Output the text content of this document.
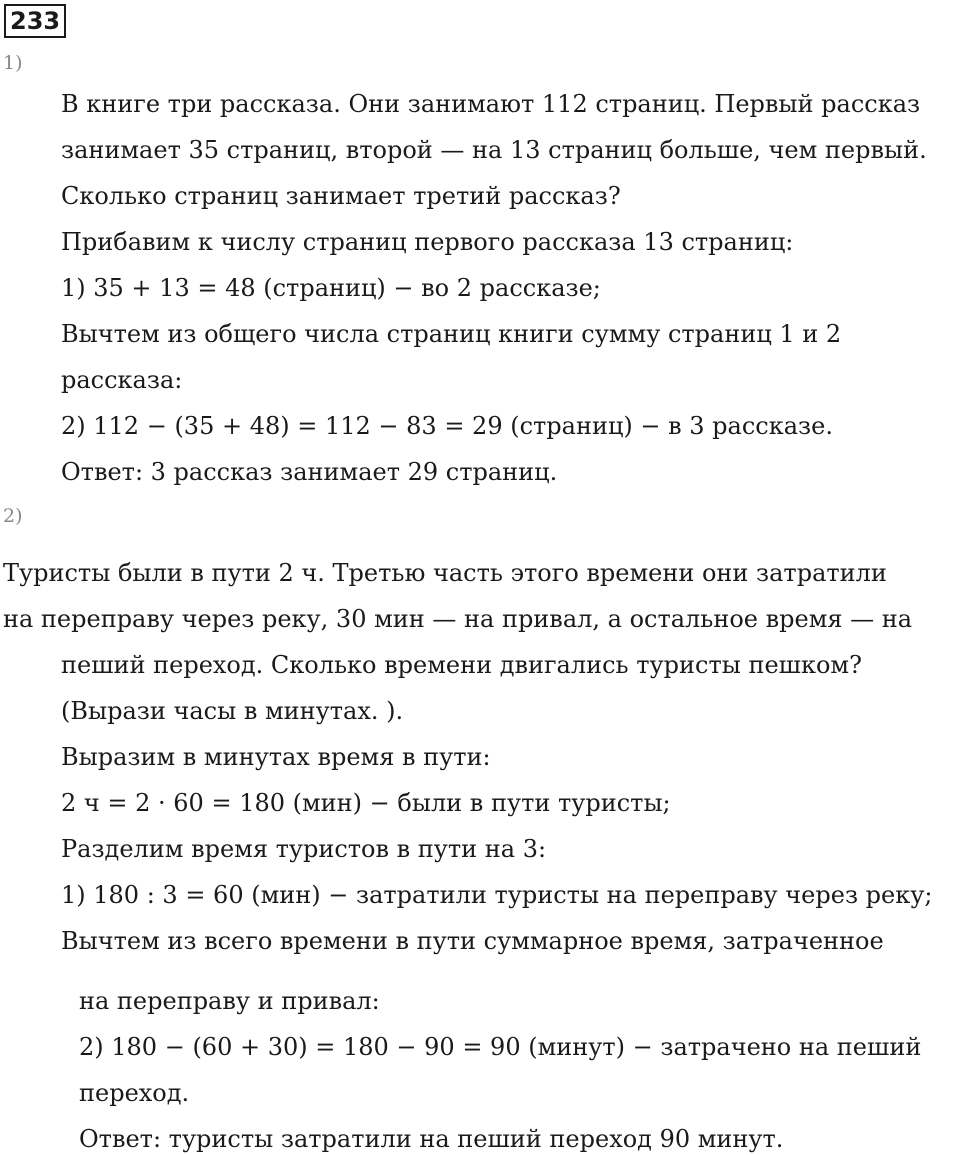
233
1)
В книге три рассказа. Они занимают 112 страниц. Первый рассказ
занимает 35 страниц, второй — на 13 страниц больше, чем первый.
Сколько страниц занимает третий рассказ?
Прибавим к числу страниц первого рассказа 13 страниц:
1) 35 + 13 = 48 (страниц) − во 2 рассказе;
Вычтем из общего числа страниц книги сумму страниц 1 и 2
рассказа:
2) 112 − (35 + 48) = 112 − 83 = 29 (страниц) − в 3 рассказе.
Ответ: 3 рассказ занимает 29 страниц.
2)
Туристы были в пути 2 ч. Третью часть этого времени они затратили
на переправу через реку, 30 мин — на привал, а остальное время — на
пеший переход. Сколько времени двигались туристы пешком?
(Вырази часы в минутах. ).
Выразим в минутах время в пути:
2 ч = 2 · 60 = 180 (мин) − были в пути туристы;
Разделим время туристов в пути на 3:
1) 180 : 3 = 60 (мин) − затратили туристы на переправу через реку;
Вычтем из всего времени в пути суммарное время, затраченное
на переправу и привал:
2) 180 − (60 + 30) = 180 − 90 = 90 (минут) − затрачено на пеший
переход.
Ответ: туристы затратили на пеший переход 90 минут.
